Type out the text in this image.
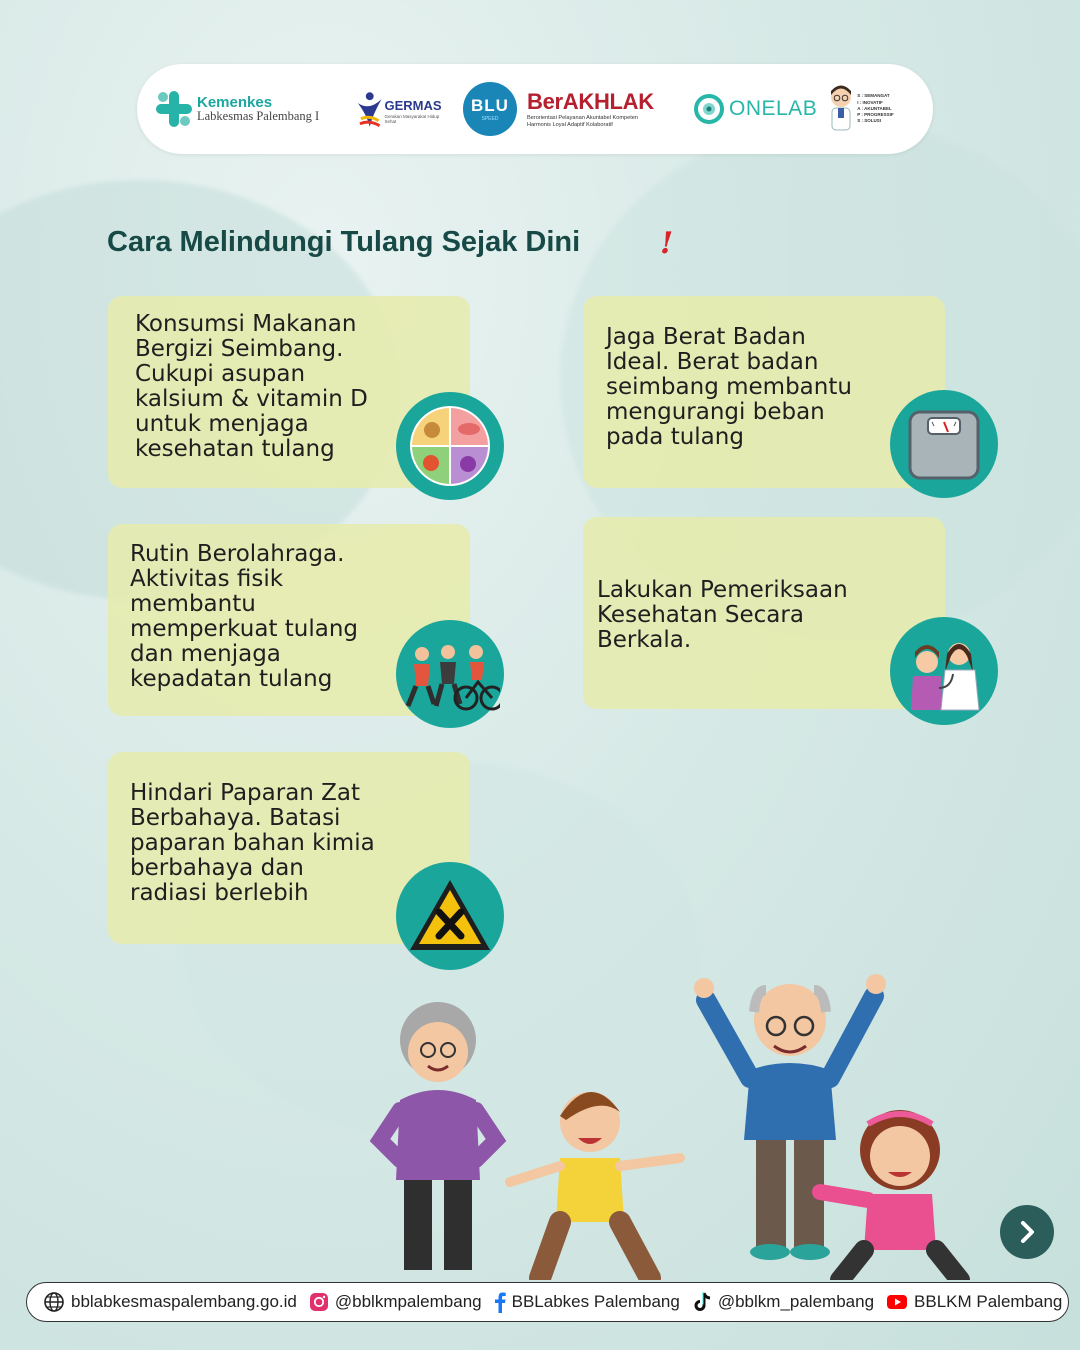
Kemenkes
Labkesmas Palembang I
GERMAS
Gerakan Masyarakat Hidup Sehat
BLU
SPEED
BerAKHLAK
Berorientasi Pelayanan Akuntabel Kompeten
Harmonis Loyal Adaptif Kolaboratif
ONELAB
S : SEMANGAT
I : INOVATIF
A : AKUNTABEL
P : PROGRESSIF
S : SOLUSI
Cara Melindungi Tulang Sejak Dini	!
Konsumsi Makanan
Bergizi Seimbang.
Cukupi asupan
kalsium & vitamin D
untuk menjaga
kesehatan tulang
Jaga Berat Badan
Ideal. Berat badan
seimbang membantu
mengurangi beban
pada tulang
Rutin Berolahraga.
Aktivitas fisik
membantu
memperkuat tulang
dan menjaga
kepadatan tulang
Lakukan Pemeriksaan
Kesehatan Secara
Berkala.
Hindari Paparan Zat
Berbahaya. Batasi
paparan bahan kimia
berbahaya dan
radiasi berlebih
bblabkesmaspalembang.go.id @bblkmpalembang BBLabkes Palembang @bblkm_palembang BBLKM Palembang
